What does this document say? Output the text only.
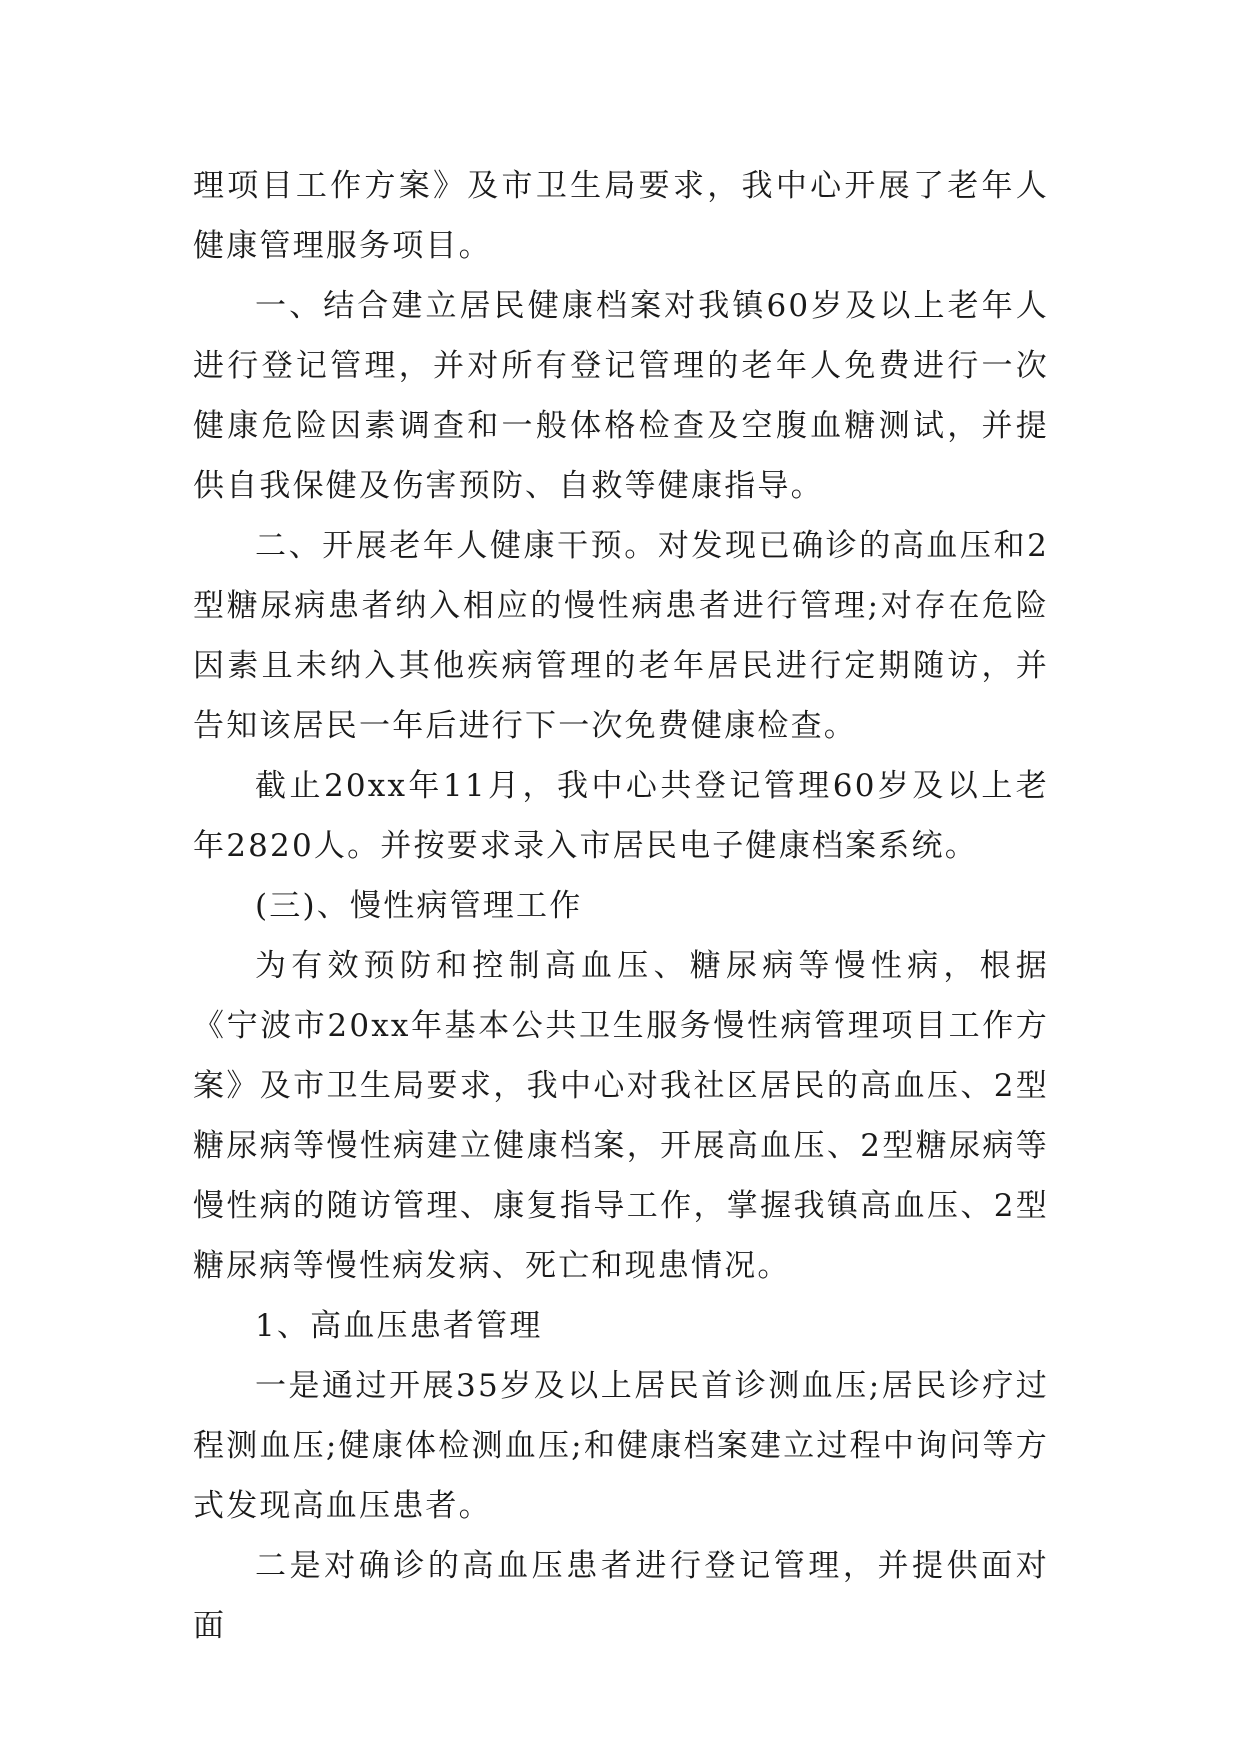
理项目工作方案》及市卫生局要求，我中心开展了老年人健康管理服务项目。

一、结合建立居民健康档案对我镇60岁及以上老年人进行登记管理，并对所有登记管理的老年人免费进行一次健康危险因素调查和一般体格检查及空腹血糖测试，并提供自我保健及伤害预防、自救等健康指导。

二、开展老年人健康干预。对发现已确诊的高血压和2型糖尿病患者纳入相应的慢性病患者进行管理;对存在危险因素且未纳入其他疾病管理的老年居民进行定期随访，并告知该居民一年后进行下一次免费健康检查。

截止20xx年11月，我中心共登记管理60岁及以上老年2820人。并按要求录入市居民电子健康档案系统。

(三)、慢性病管理工作

为有效预防和控制高血压、糖尿病等慢性病，根据《宁波市20xx年基本公共卫生服务慢性病管理项目工作方案》及市卫生局要求，我中心对我社区居民的高血压、2型糖尿病等慢性病建立健康档案，开展高血压、2型糖尿病等慢性病的随访管理、康复指导工作，掌握我镇高血压、2型糖尿病等慢性病发病、死亡和现患情况。

1、高血压患者管理

一是通过开展35岁及以上居民首诊测血压;居民诊疗过程测血压;健康体检测血压;和健康档案建立过程中询问等方式发现高血压患者。

二是对确诊的高血压患者进行登记管理，并提供面对面
